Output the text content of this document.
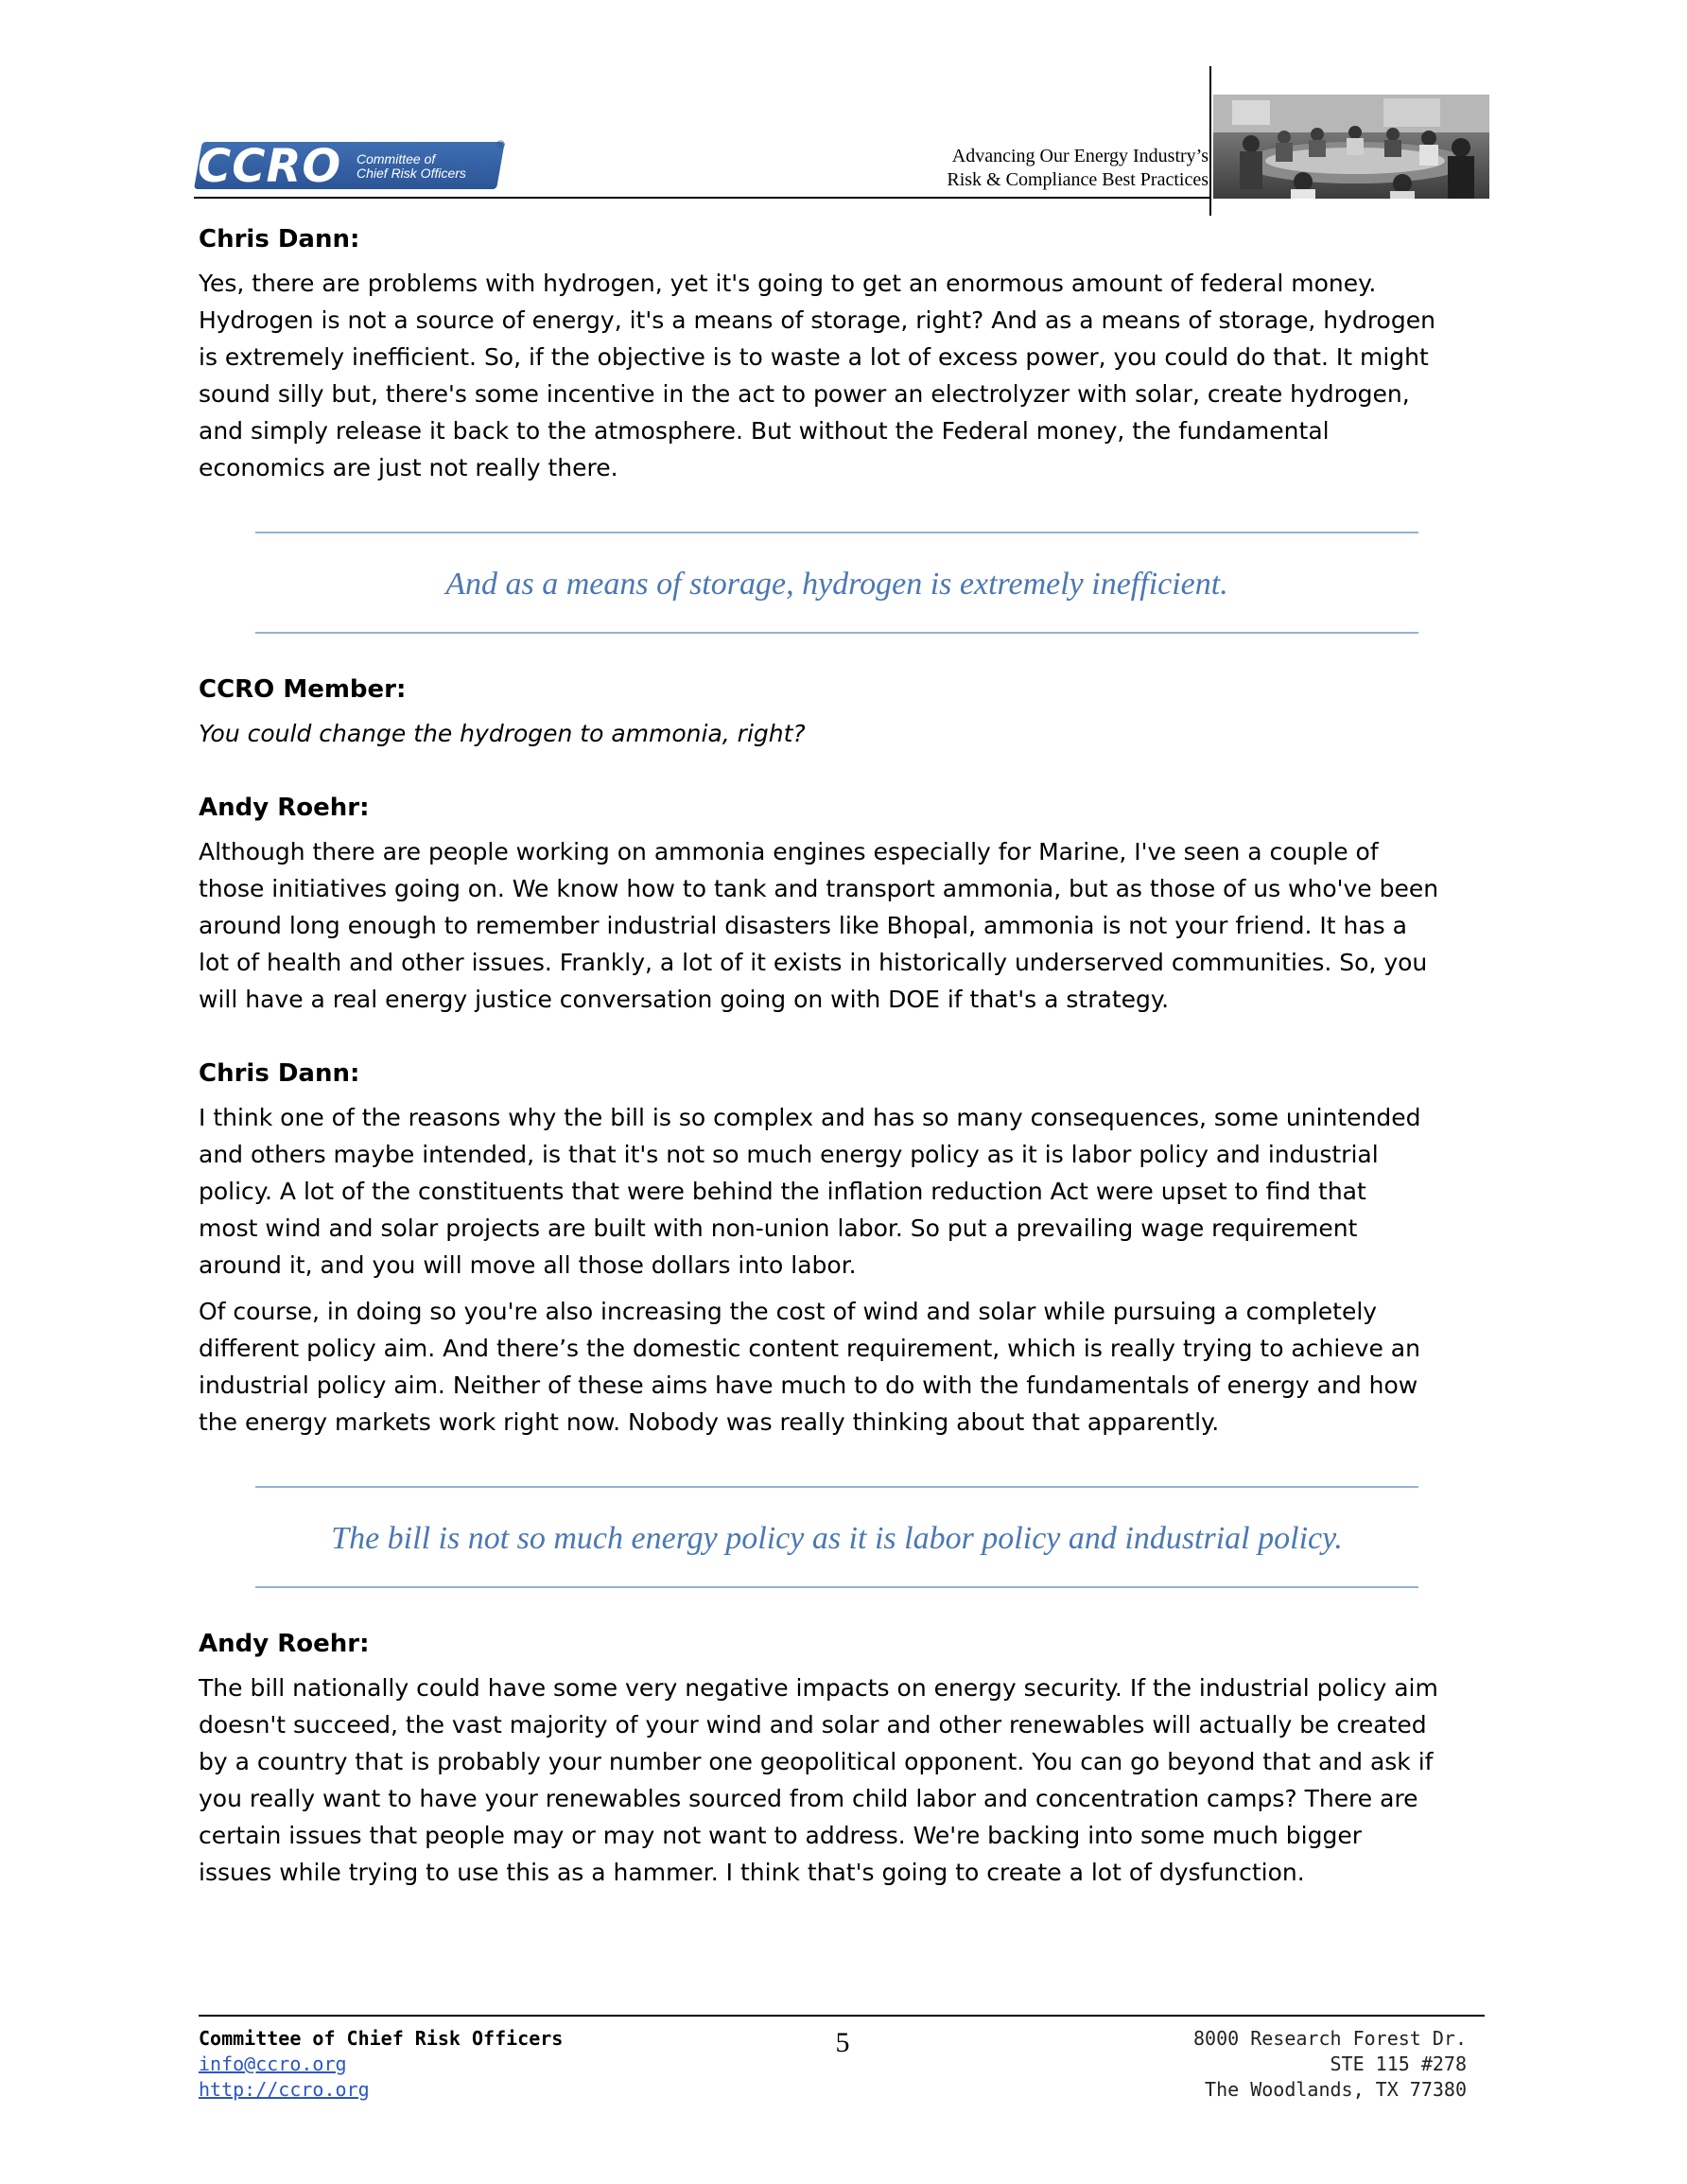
CCRO Committee of
Chief Risk Officers
®
Advancing Our Energy Industry’s
Risk & Compliance Best Practices
Chris Dann:
Yes, there are problems with hydrogen, yet it's going to get an enormous amount of federal money.
Hydrogen is not a source of energy, it's a means of storage, right? And as a means of storage, hydrogen
is extremely inefficient. So, if the objective is to waste a lot of excess power, you could do that. It might
sound silly but, there's some incentive in the act to power an electrolyzer with solar, create hydrogen,
and simply release it back to the atmosphere. But without the Federal money, the fundamental
economics are just not really there.
And as a means of storage, hydrogen is extremely inefficient.
CCRO Member:
You could change the hydrogen to ammonia, right?
Andy Roehr:
Although there are people working on ammonia engines especially for Marine, I've seen a couple of
those initiatives going on. We know how to tank and transport ammonia, but as those of us who've been
around long enough to remember industrial disasters like Bhopal, ammonia is not your friend. It has a
lot of health and other issues. Frankly, a lot of it exists in historically underserved communities. So, you
will have a real energy justice conversation going on with DOE if that's a strategy.
Chris Dann:
I think one of the reasons why the bill is so complex and has so many consequences, some unintended
and others maybe intended, is that it's not so much energy policy as it is labor policy and industrial
policy. A lot of the constituents that were behind the inflation reduction Act were upset to find that
most wind and solar projects are built with non-union labor. So put a prevailing wage requirement
around it, and you will move all those dollars into labor.
Of course, in doing so you're also increasing the cost of wind and solar while pursuing a completely
different policy aim. And there’s the domestic content requirement, which is really trying to achieve an
industrial policy aim. Neither of these aims have much to do with the fundamentals of energy and how
the energy markets work right now. Nobody was really thinking about that apparently.
The bill is not so much energy policy as it is labor policy and industrial policy.
Andy Roehr:
The bill nationally could have some very negative impacts on energy security. If the industrial policy aim
doesn't succeed, the vast majority of your wind and solar and other renewables will actually be created
by a country that is probably your number one geopolitical opponent. You can go beyond that and ask if
you really want to have your renewables sourced from child labor and concentration camps? There are
certain issues that people may or may not want to address. We're backing into some much bigger
issues while trying to use this as a hammer. I think that's going to create a lot of dysfunction.
Committee of Chief Risk Officers
info@ccro.org
http://ccro.org
5	8000 Research Forest Dr.
STE 115 #278
The Woodlands, TX 77380
